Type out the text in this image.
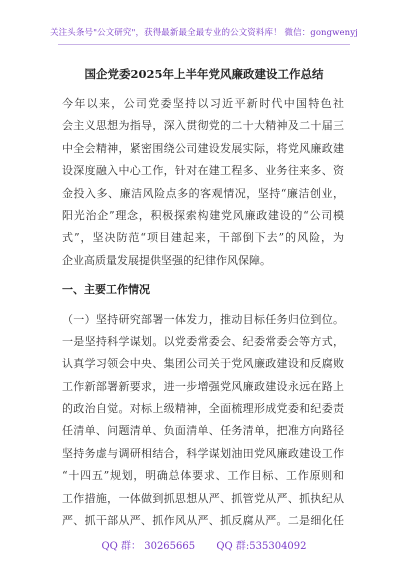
关注头条号"公文研究"，获得最新最全最专业的公文资料库！ 微信：gongwenyj
国企党委2025年上半年党风廉政建设工作总结
今年以来，公司党委坚持以习近平新时代中国特色社
会主义思想为指导，深入贯彻党的二十大精神及二十届三
中全会精神，紧密围绕公司建设发展实际，将党风廉政建
设深度融入中心工作，针对在建工程多、业务往来多、资
金投入多、廉洁风险点多的客观情况，坚持“廉洁创业，
阳光治企”理念，积极探索构建党风廉政建设的“公司模
式”，坚决防范“项目建起来，干部倒下去”的风险，为
企业高质量发展提供坚强的纪律作风保障。
一、主要工作情况
（一）坚持研究部署一体发力，推动目标任务归位到位。
一是坚持科学谋划。以党委常委会、纪委常委会等方式，
认真学习领会中央、集团公司关于党风廉政建设和反腐败
工作新部署新要求，进一步增强党风廉政建设永远在路上
的政治自觉。对标上级精神，全面梳理形成党委和纪委责
任清单、问题清单、负面清单、任务清单，把准方向路径
坚持务虚与调研相结合，科学谋划油田党风廉政建设工作
“十四五”规划，明确总体要求、工作目标、工作原则和
工作措施，一体做到抓思想从严、抓管党从严、抓执纪从
严、抓干部从严、抓作风从严、抓反腐从严。二是细化任
QQ 群： 30265665 QQ 群:535304092
